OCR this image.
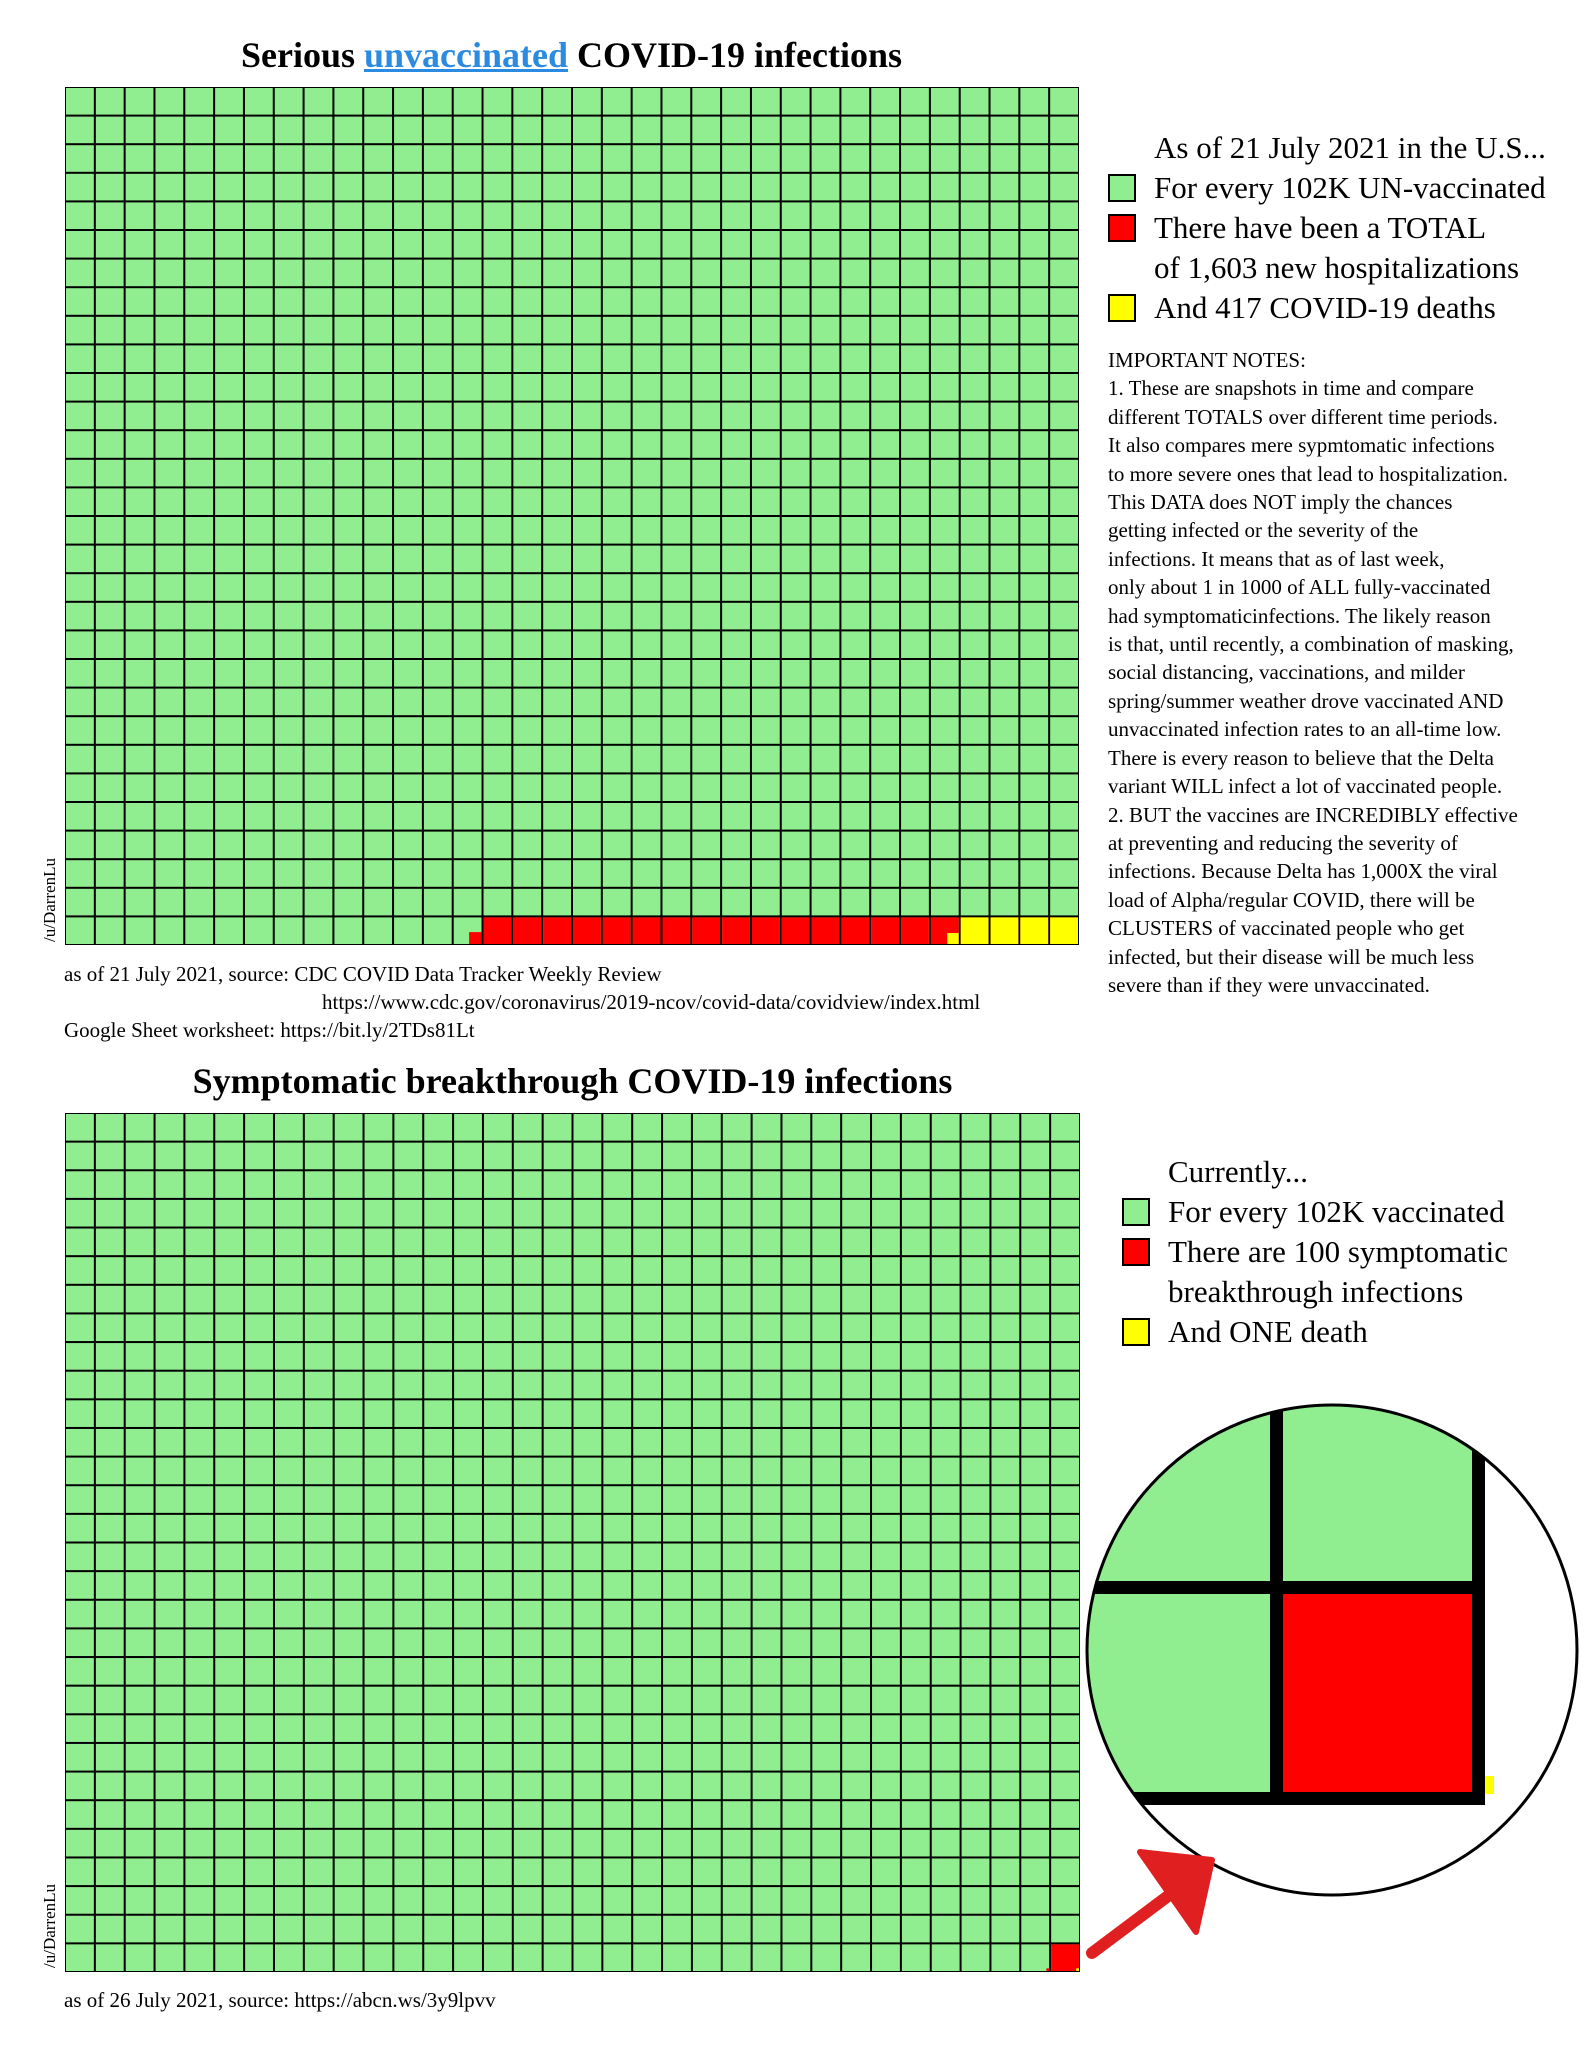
Serious unvaccinated COVID-19 infections
/u/DarrenLu
as of 21 July 2021, source: CDC COVID Data Tracker Weekly Review
https://www.cdc.gov/coronavirus/2019-ncov/covid-data/covidview/index.html
Google Sheet worksheet: https://bit.ly/2TDs81Lt
As of 21 July 2021 in the U.S...
For every 102K UN-vaccinated
There have been a TOTAL
of 1,603 new hospitalizations
And 417 COVID-19 deaths

IMPORTANT NOTES:

1. These are snapshots in time and compare

different TOTALS over different time periods.

It also compares mere sypmtomatic infections

to more severe ones that lead to hospitalization.

This DATA does NOT imply the chances

getting infected or the severity of the

infections. It means that as of last week,

only about 1 in 1000 of ALL fully-vaccinated

had symptomaticinfections. The likely reason

is that, until recently, a combination of masking,

social distancing, vaccinations, and milder

spring/summer weather drove vaccinated AND

unvaccinated infection rates to an all-time low.

There is every reason to believe that the Delta

variant WILL infect a lot of vaccinated people.

2. BUT the vaccines are INCREDIBLY effective

at preventing and reducing the severity of

infections. Because Delta has 1,000X the viral

load of Alpha/regular COVID, there will be

CLUSTERS of vaccinated people who get

infected, but their disease will be much less

severe than if they were unvaccinated.

Symptomatic breakthrough COVID-19 infections
/u/DarrenLu
as of 26 July 2021, source: https://abcn.ws/3y9lpvv
Currently...
For every 102K vaccinated
There are 100 symptomatic
breakthrough infections
And ONE death
